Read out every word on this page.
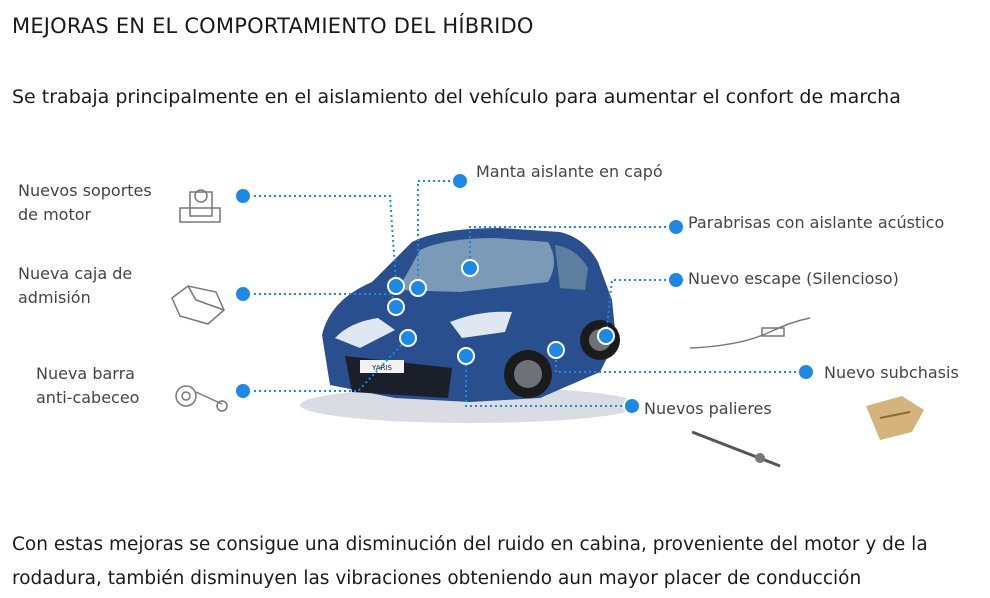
MEJORAS EN EL COMPORTAMIENTO DEL HÍBRIDO
Se trabaja principalmente en el aislamiento del vehículo para aumentar el confort de marcha
YARIS
Nuevos soportes
de motor
Nueva caja de
admisión
Nueva barra
anti-cabeceo
Manta aislante en capó
Parabrisas con aislante acústico
Nuevo escape (Silencioso)
Nuevo subchasis
Nuevos palieres
Con estas mejoras se consigue una disminución del ruido en cabina, proveniente del motor y de la rodadura, también disminuyen las vibraciones obteniendo aun mayor placer de conducción
